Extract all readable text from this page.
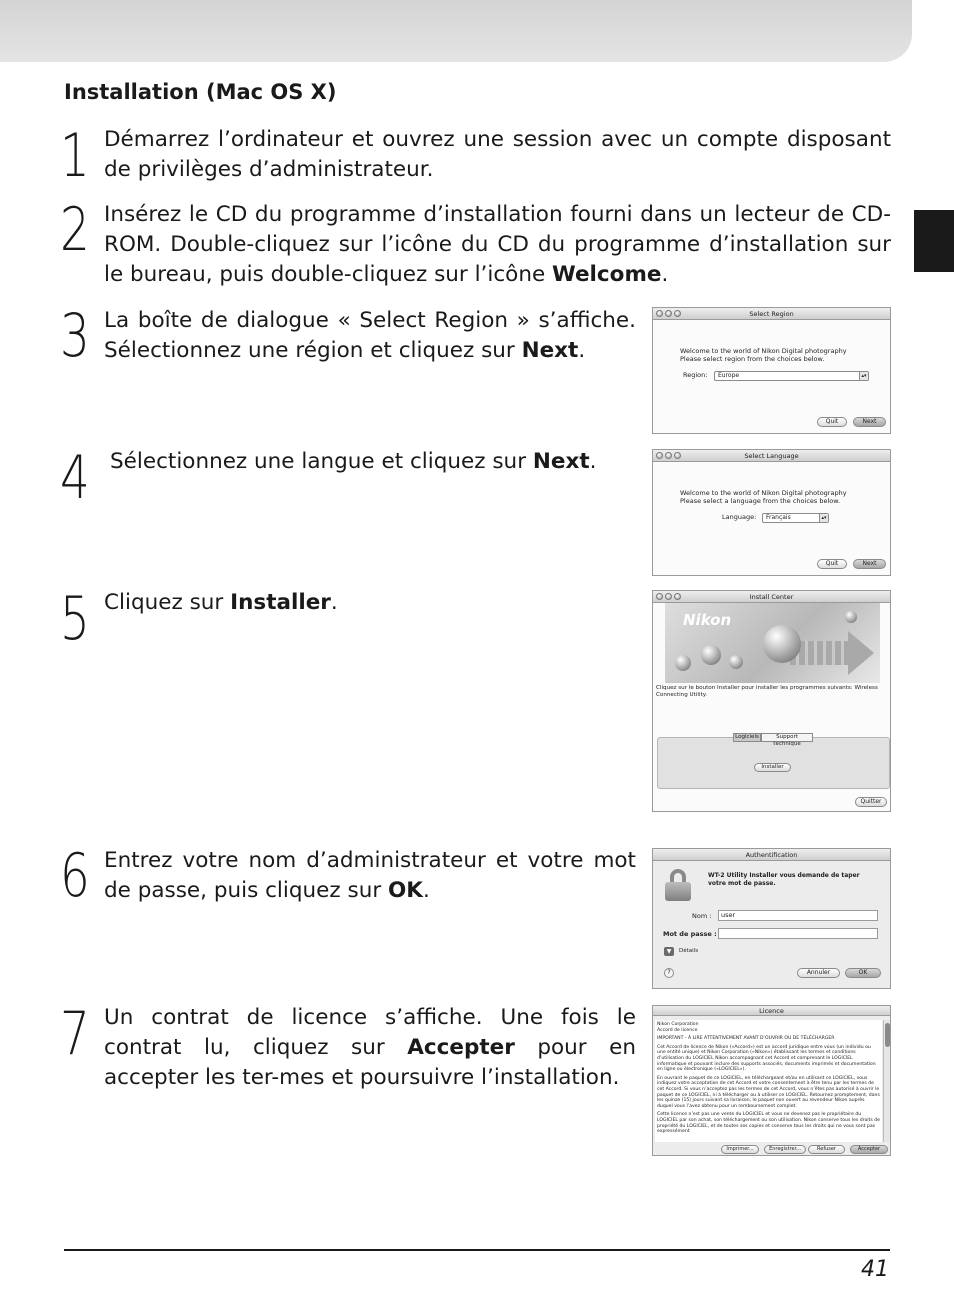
Installation (Mac OS X)
1 Démarrez l’ordinateur et ouvrez une session avec un compte disposant de privilèges d’administrateur.
2 Insérez le CD du programme d’installation fourni dans un lecteur de CD-ROM. Double-cliquez sur l’icône du CD du programme d’installation sur le bureau, puis double-cliquez sur l’icône Welcome.
3 La boîte de dialogue « Select Region » s’affiche. Sélectionnez une région et cliquez sur Next.
4 Sélectionnez une langue et cliquez sur Next.
5 Cliquez sur Installer.
6 Entrez votre nom d’administrateur et votre mot de passe, puis cliquez sur OK.
7 Un contrat de licence s’affiche. Une fois le contrat lu, cliquez sur Accepter pour en accepter les ter-mes et poursuivre l’installation.
Select Region
Welcome to the world of Nikon Digital photography
Please select region from the choices below.
Region:	Europe	▴▾
Quit	Next
Select Language
Welcome to the world of Nikon Digital photography
Please select a language from the choices below.
Language:	Français	▴▾
Quit	Next
Install Center
Nikon
Cliquez sur le bouton Installer pour installer les programmes suivants: Wireless
Connecting Utility.
Logiciels	Support technique
Installer
Quitter
Authentification
WT-2 Utility Installer vous demande de taper
votre mot de passe.
Nom :	user
Mot de passe :
▼	Détails
?	Annuler	OK
Licence

Nikon Corporation

Accord de licence

IMPORTANT - À LIRE ATTENTIVEMENT AVANT D’OUVRIR OU DE TÉLÉCHARGER

Cet Accord de licence de Nikon («Accord») est un accord juridique entre vous (un individu ou une entité unique) et Nikon Corporation («Nikon») établissant les termes et conditions d’utilisation du LOGICIEL Nikon accompagnant cet Accord et comprenant le LOGICIEL informatique et pouvant inclure des supports associés, documents imprimés et documentation en ligne ou électronique («LOGICIEL»).

En ouvrant le paquet de ce LOGICIEL, en téléchargeant et/ou en utilisant ce LOGICIEL, vous indiquez votre acceptation de cet Accord et votre consentement à être tenu par les termes de cet Accord. Si vous n’acceptez pas les termes de cet Accord, vous n’êtes pas autorisé à ouvrir le paquet de ce LOGICIEL, ni à télécharger ou à utiliser ce LOGICIEL. Retournez promptement, dans les quinze (15) jours suivant sa livraison, le paquet non ouvert au revendeur Nikon auprès duquel vous l’avez obtenu pour un remboursement complet.

Cette licence n’est pas une vente du LOGICIEL et vous ne devenez pas le propriétaire du LOGICIEL par son achat, son téléchargement ou son utilisation. Nikon conserve tous les droits de propriété du LOGICIEL, et de toutes ses copies et conserve tous les droits qui ne vous sont pas expressément

Imprimer...	Enregistrer...	Refuser	Accepter
41
